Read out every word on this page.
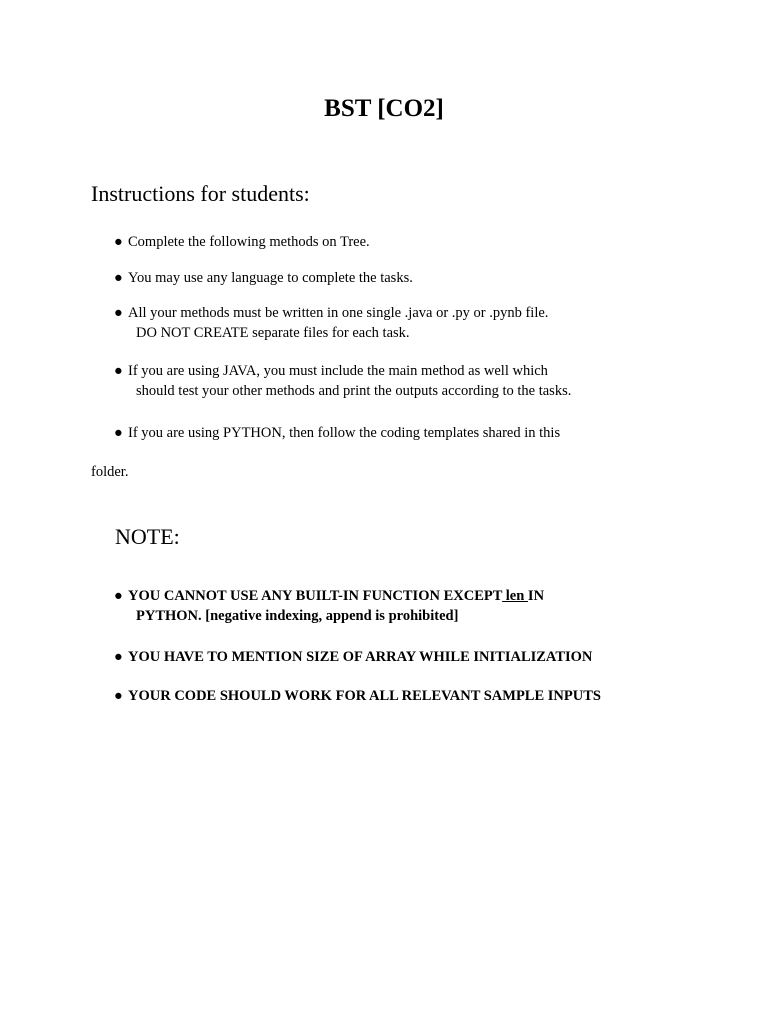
BST [CO2]
Instructions for students:
● Complete the following methods on Tree.
● You may use any language to complete the tasks.
● All your methods must be written in one single .java or .py or .pynb file.
DO NOT CREATE separate files for each task.
● If you are using JAVA, you must include the main method as well which
should test your other methods and print the outputs according to the tasks.
● If you are using PYTHON, then follow the coding templates shared in this
folder.
NOTE:
● YOU CANNOT USE ANY BUILT-IN FUNCTION EXCEPT len IN
PYTHON. [negative indexing, append is prohibited]
● YOU HAVE TO MENTION SIZE OF ARRAY WHILE INITIALIZATION
● YOUR CODE SHOULD WORK FOR ALL RELEVANT SAMPLE INPUTS
